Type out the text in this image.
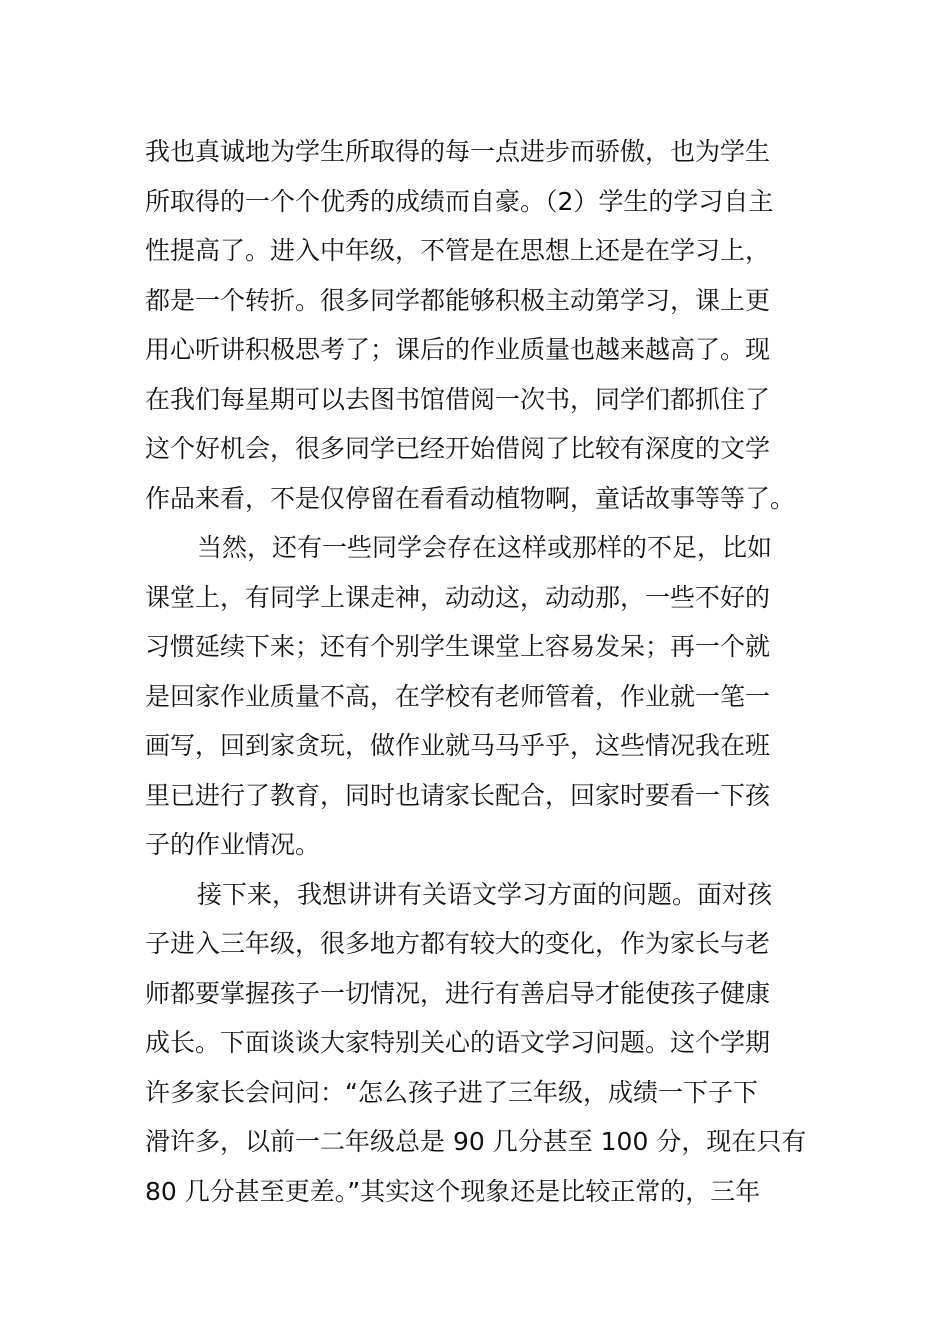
我也真诚地为学生所取得的每一点进步而骄傲，也为学生
所取得的一个个优秀的成绩而自豪。（2）学生的学习自主
性提高了。进入中年级，不管是在思想上还是在学习上，
都是一个转折。很多同学都能够积极主动第学习，课上更
用心听讲积极思考了；课后的作业质量也越来越高了。现
在我们每星期可以去图书馆借阅一次书，同学们都抓住了
这个好机会，很多同学已经开始借阅了比较有深度的文学
作品来看，不是仅停留在看看动植物啊，童话故事等等了。
当然，还有一些同学会存在这样或那样的不足，比如
课堂上，有同学上课走神，动动这，动动那，一些不好的
习惯延续下来；还有个别学生课堂上容易发呆；再一个就
是回家作业质量不高，在学校有老师管着，作业就一笔一
画写，回到家贪玩，做作业就马马乎乎，这些情况我在班
里已进行了教育，同时也请家长配合，回家时要看一下孩
子的作业情况。
接下来，我想讲讲有关语文学习方面的问题。面对孩
子进入三年级，很多地方都有较大的变化，作为家长与老
师都要掌握孩子一切情况，进行有善启导才能使孩子健康
成长。下面谈谈大家特别关心的语文学习问题。这个学期
许多家长会问问：“怎么孩子进了三年级，成绩一下子下
滑许多，以前一二年级总是 90 几分甚至 100 分，现在只有
80 几分甚至更差。”其实这个现象还是比较正常的，三年
